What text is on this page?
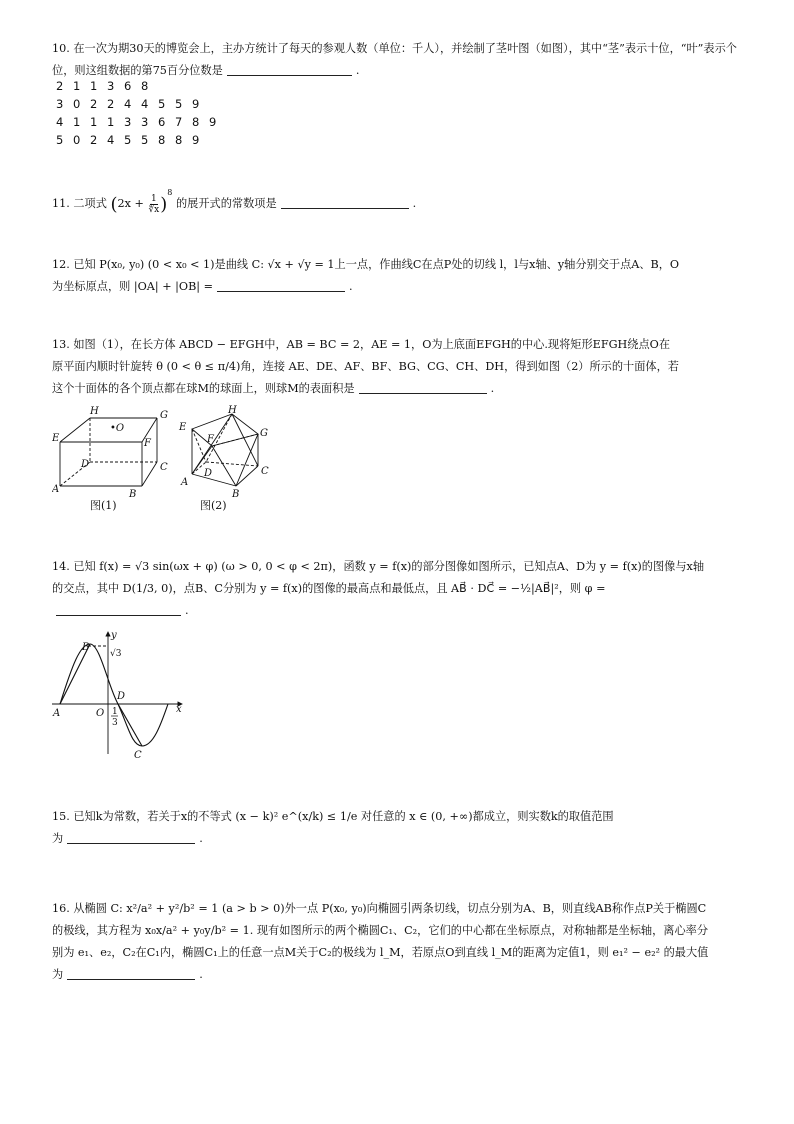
10. 在一次为期30天的博览会上，主办方统计了每天的参观人数（单位：千人），并绘制了茎叶图（如图），其中“茎”表示十位，“叶”表示个位，则这组数据的第75百分位数是	.
2 1 1 3 6 8
3 0 2 2 4 4 5 5 9
4 1 1 1 3 3 6 7 8 9
5 0 2 4 5 5 8 8 9
11. 二项式 $(2x + \frac{1}{∜x} )^8$ 的展开式的常数项是	.
12. 已知 P(x₀, y₀) (0 < x₀ < 1)是曲线 C: √x + √y = 1上一点，作曲线C在点P处的切线 l，l与x轴、y轴分别交于点A、B，O
为坐标原点，则 |OA| + |OB| =	.
13. 如图（1），在长方体 ABCD − EFGH中，AB = BC = 2，AE = 1，O为上底面EFGH的中心.现将矩形EFGH绕点O在
原平面内顺时针旋转 θ (0 < θ ≤ π/4)角，连接 AE、DE、AF、BF、BG、CG、CH、DH，得到如图（2）所示的十面体，若
这个十面体的各个顶点都在球M的球面上，则球M的表面积是	.
H	G
E	F
•O
D	C
A	B
图(1)
H
G
E
F
D	C
A
B
图(2)
14. 已知 f(x) = √3 sin(ωx + φ) (ω > 0, 0 < φ < 2π)，函数 y = f(x)的部分图像如图所示，已知点A、D为 y = f(x)的图像与x轴
的交点，其中 D(1/3, 0)，点B、C分别为 y = f(x)的图像的最高点和最低点，且 AB⃗ · DC⃗ = −½|AB⃗|²，则 φ =
.
y
x
B
C
A	O
D
√3
1
3
15. 已知k为常数，若关于x的不等式 (x − k)² e^(x/k) ≤ 1/e 对任意的 x ∈ (0, +∞)都成立，则实数k的取值范围
为	.
16. 从椭圆 C: x²/a² + y²/b² = 1 (a > b > 0)外一点 P(x₀, y₀)向椭圆引两条切线，切点分别为A、B，则直线AB称作点P关于椭圆C
的极线，其方程为 x₀x/a² + y₀y/b² = 1. 现有如图所示的两个椭圆C₁、C₂，它们的中心都在坐标原点，对称轴都是坐标轴，离心率分
别为 e₁、e₂，C₂在C₁内，椭圆C₁上的任意一点M关于C₂的极线为 l_M，若原点O到直线 l_M的距离为定值1，则 e₁² − e₂² 的最大值
为	.
